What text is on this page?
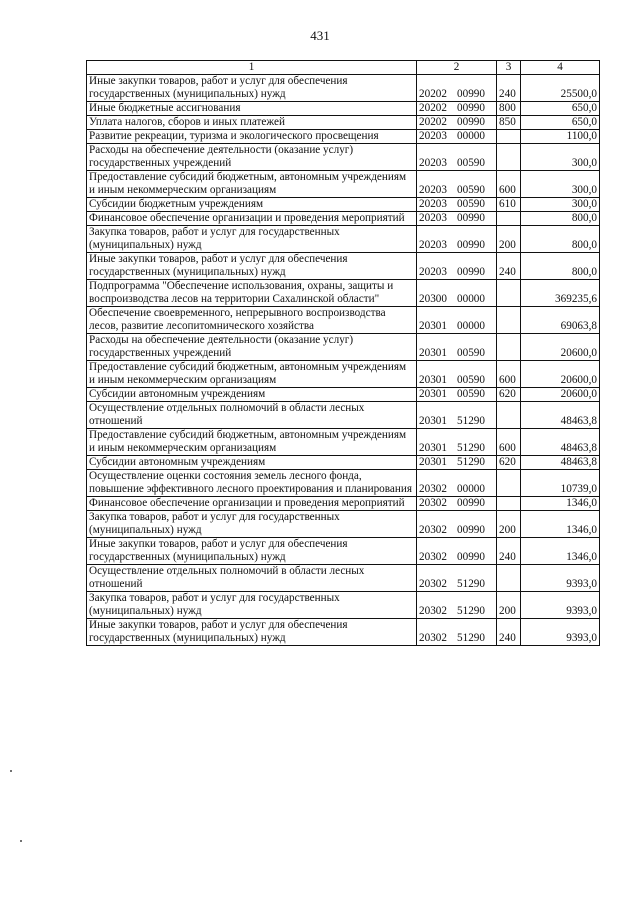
431
1	2	3	4
Иные закупки товаров, работ и услуг для обеспечения государственных (муниципальных) нужд	20202 00990	240	25500,0
Иные бюджетные ассигнования	20202 00990	800	650,0
Уплата налогов, сборов и иных платежей	20202 00990	850	650,0
Развитие рекреации, туризма и экологического просвещения	20203 00000		1100,0
Расходы на обеспечение деятельности (оказание услуг) государственных учреждений	20203 00590		300,0
Предоставление субсидий бюджетным, автономным учреждениям и иным некоммерческим организациям	20203 00590	600	300,0
Субсидии бюджетным учреждениям	20203 00590	610	300,0
Финансовое обеспечение организации и проведения мероприятий	20203 00990		800,0
Закупка товаров, работ и услуг для государственных (муниципальных) нужд	20203 00990	200	800,0
Иные закупки товаров, работ и услуг для обеспечения государственных (муниципальных) нужд	20203 00990	240	800,0
Подпрограмма "Обеспечение использования, охраны, защиты и воспроизводства лесов на территории Сахалинской области"	20300 00000		369235,6
Обеспечение своевременного, непрерывного воспроизводства лесов, развитие лесопитомнического хозяйства	20301 00000		69063,8
Расходы на обеспечение деятельности (оказание услуг) государственных учреждений	20301 00590		20600,0
Предоставление субсидий бюджетным, автономным учреждениям и иным некоммерческим организациям	20301 00590	600	20600,0
Субсидии автономным учреждениям	20301 00590	620	20600,0
Осуществление отдельных полномочий в области лесных отношений	20301 51290		48463,8
Предоставление субсидий бюджетным, автономным учреждениям и иным некоммерческим организациям	20301 51290	600	48463,8
Субсидии автономным учреждениям	20301 51290	620	48463,8
Осуществление оценки состояния земель лесного фонда, повышение эффективного лесного проектирования и планирования	20302 00000		10739,0
Финансовое обеспечение организации и проведения мероприятий	20302 00990		1346,0
Закупка товаров, работ и услуг для государственных (муниципальных) нужд	20302 00990	200	1346,0
Иные закупки товаров, работ и услуг для обеспечения государственных (муниципальных) нужд	20302 00990	240	1346,0
Осуществление отдельных полномочий в области лесных отношений	20302 51290		9393,0
Закупка товаров, работ и услуг для государственных (муниципальных) нужд	20302 51290	200	9393,0
Иные закупки товаров, работ и услуг для обеспечения государственных (муниципальных) нужд	20302 51290	240	9393,0
